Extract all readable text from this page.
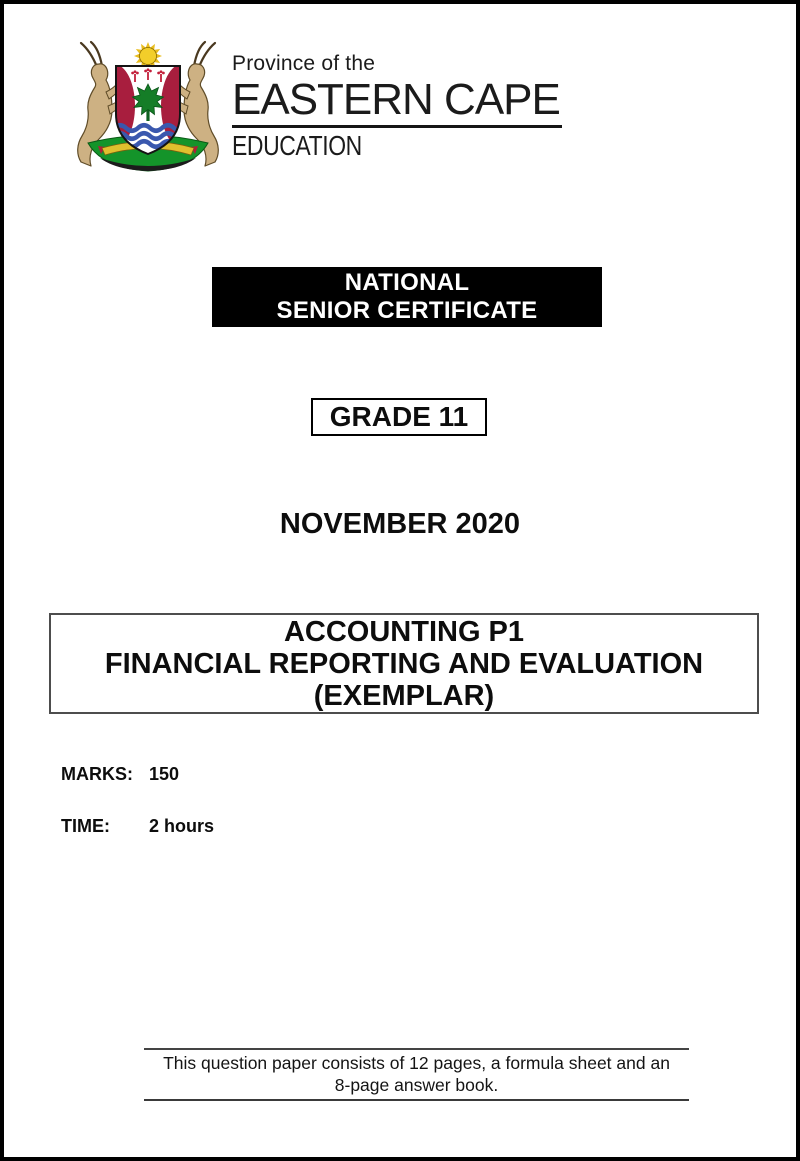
Province of the
EASTERN CAPE
EDUCATION
NATIONAL
SENIOR CERTIFICATE
GRADE 11
NOVEMBER 2020
ACCOUNTING P1
FINANCIAL REPORTING AND EVALUATION
(EXEMPLAR)
MARKS: 150
TIME:	2 hours
This question paper consists of 12 pages, a formula sheet and an
8-page answer book.
